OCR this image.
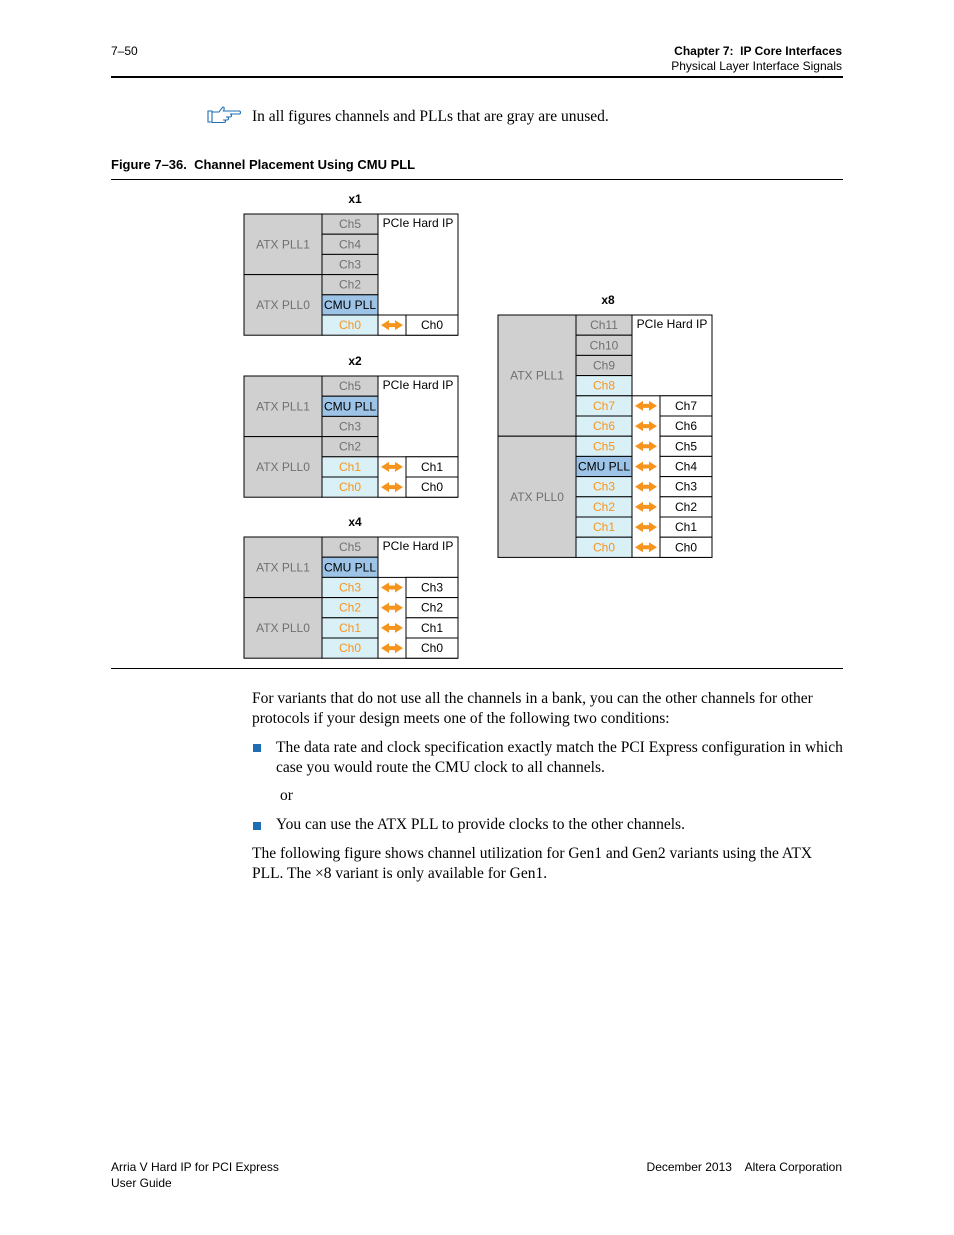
7–50	Chapter 7:  IP Core Interfaces
Physical Layer Interface Signals
In all figures channels and PLLs that are gray are unused.
Figure 7–36.  Channel Placement Using CMU PLL
x1
ATX PLL1
ATX PLL0
Ch5
Ch4
Ch3
Ch2
CMU PLL
Ch0
PCIe Hard IP
Ch0
x2
ATX PLL1
ATX PLL0
Ch5
CMU PLL
Ch3
Ch2
Ch1
Ch0
PCIe Hard IP
Ch1
Ch0
x4
ATX PLL1
ATX PLL0
Ch5
CMU PLL
Ch3
Ch2
Ch1
Ch0
PCIe Hard IP
Ch3
Ch2
Ch1
Ch0
x8
ATX PLL1
ATX PLL0
Ch11
Ch10
Ch9
Ch8
Ch7
Ch6
Ch5
CMU PLL
Ch3
Ch2
Ch1
Ch0
PCIe Hard IP
Ch7
Ch6
Ch5
Ch4
Ch3
Ch2
Ch1
Ch0
For variants that do not use all the channels in a bank, you can the other channels for other protocols if your design meets one of the following two conditions:
The data rate and clock specification exactly match the PCI Express configuration in which case you would route the CMU clock to all channels.
or
You can use the ATX PLL to provide clocks to the other channels.
The following figure shows channel utilization for Gen1 and Gen2 variants using the ATX PLL. The ×8 variant is only available for Gen1.
Arria V Hard IP for PCI Express
User Guide
December 2013    Altera Corporation
